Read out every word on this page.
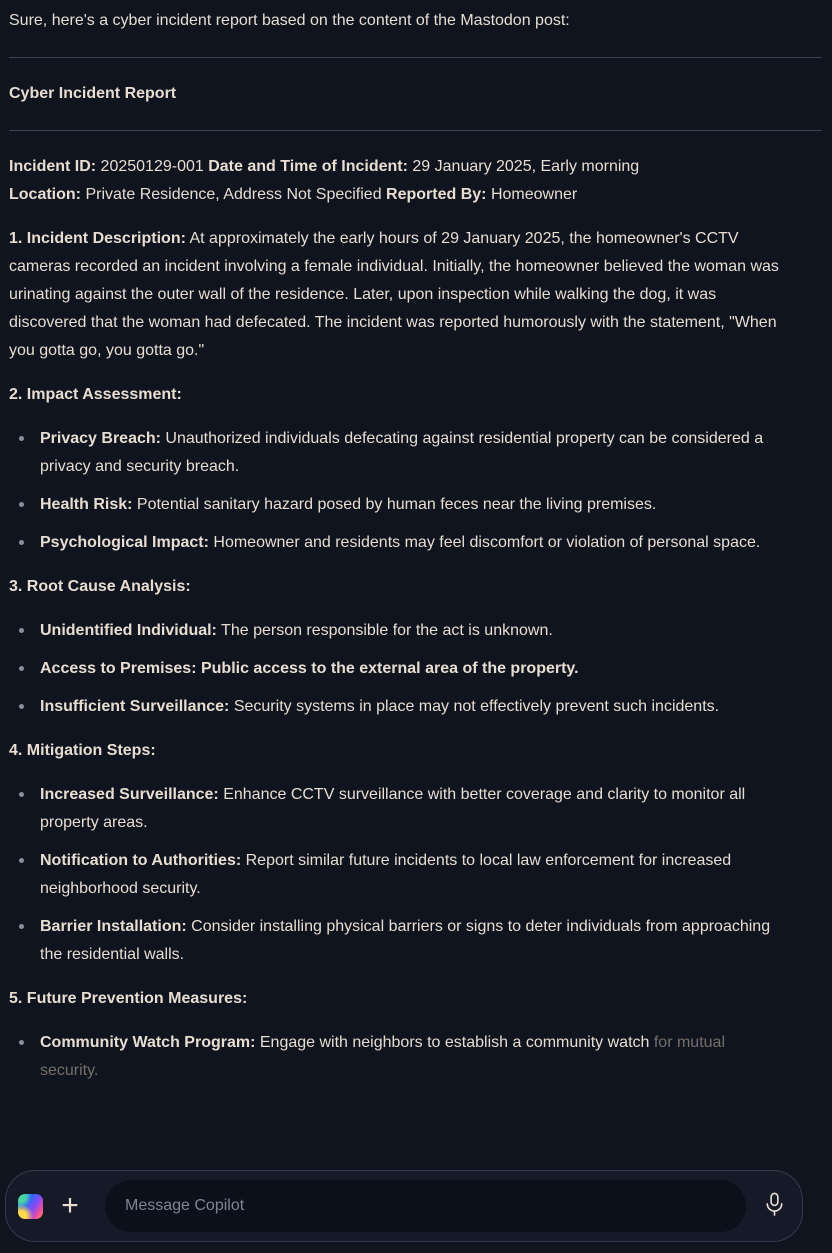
Sure, here's a cyber incident report based on the content of the Mastodon post:

Cyber Incident Report

Incident ID: 20250129-001 Date and Time of Incident: 29 January 2025, Early morning
Location: Private Residence, Address Not Specified Reported By: Homeowner

1. Incident Description: At approximately the early hours of 29 January 2025, the homeowner's CCTV cameras recorded an incident involving a female individual. Initially, the homeowner believed the woman was urinating against the outer wall of the residence. Later, upon inspection while walking the dog, it was discovered that the woman had defecated. The incident was reported humorously with the statement, "When you gotta go, you gotta go."

2. Impact Assessment:

Privacy Breach: Unauthorized individuals defecating against residential property can be considered a privacy and security breach.
Health Risk: Potential sanitary hazard posed by human feces near the living premises.
Psychological Impact: Homeowner and residents may feel discomfort or violation of personal space.

3. Root Cause Analysis:

Unidentified Individual: The person responsible for the act is unknown.
Access to Premises: Public access to the external area of the property.
Insufficient Surveillance: Security systems in place may not effectively prevent such incidents.

4. Mitigation Steps:

Increased Surveillance: Enhance CCTV surveillance with better coverage and clarity to monitor all property areas.
Notification to Authorities: Report similar future incidents to local law enforcement for increased neighborhood security.
Barrier Installation: Consider installing physical barriers or signs to deter individuals from approaching the residential walls.

5. Future Prevention Measures:

Community Watch Program: Engage with neighbors to establish a community watch for mutual security.
+
Message Copilot
